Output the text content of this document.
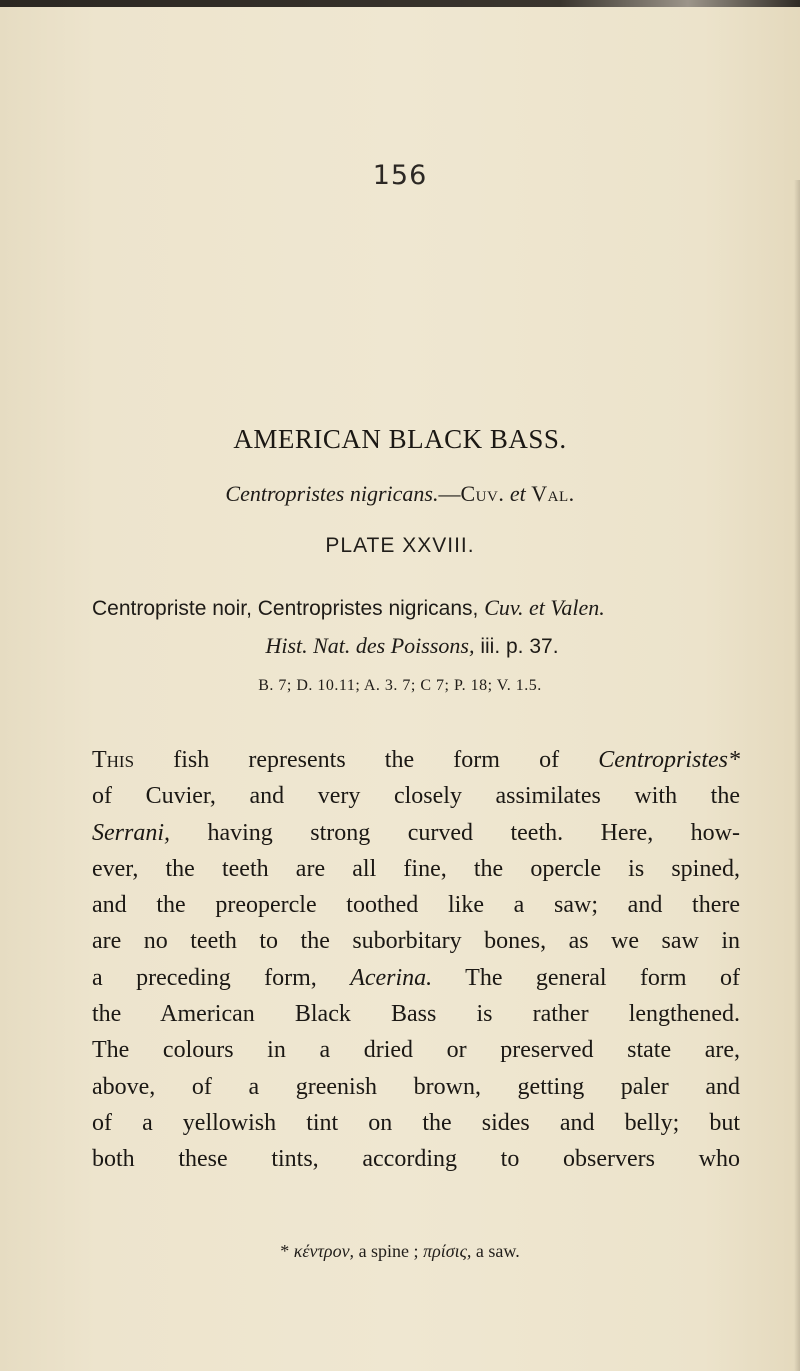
156
AMERICAN BLACK BASS.
Centropristes nigricans.—Cuv. et Val.
PLATE XXVIII.
Centropriste noir, Centropristes nigricans, Cuv. et Valen.
Hist. Nat. des Poissons, iii. p. 37.
B. 7; D. 10.11; A. 3. 7; C 7; P. 18; V. 1.5.
This fish represents the form of Centropristes*
of Cuvier, and very closely assimilates with the
Serrani, having strong curved teeth. Here, how-
ever, the teeth are all fine, the opercle is spined,
and the preopercle toothed like a saw; and there
are no teeth to the suborbitary bones, as we saw in
a preceding form, Acerina. The general form of
the American Black Bass is rather lengthened.
The colours in a dried or preserved state are,
above, of a greenish brown, getting paler and
of a yellowish tint on the sides and belly; but
both these tints, according to observers who
* κέντρον, a spine ; πρίσις, a saw.
